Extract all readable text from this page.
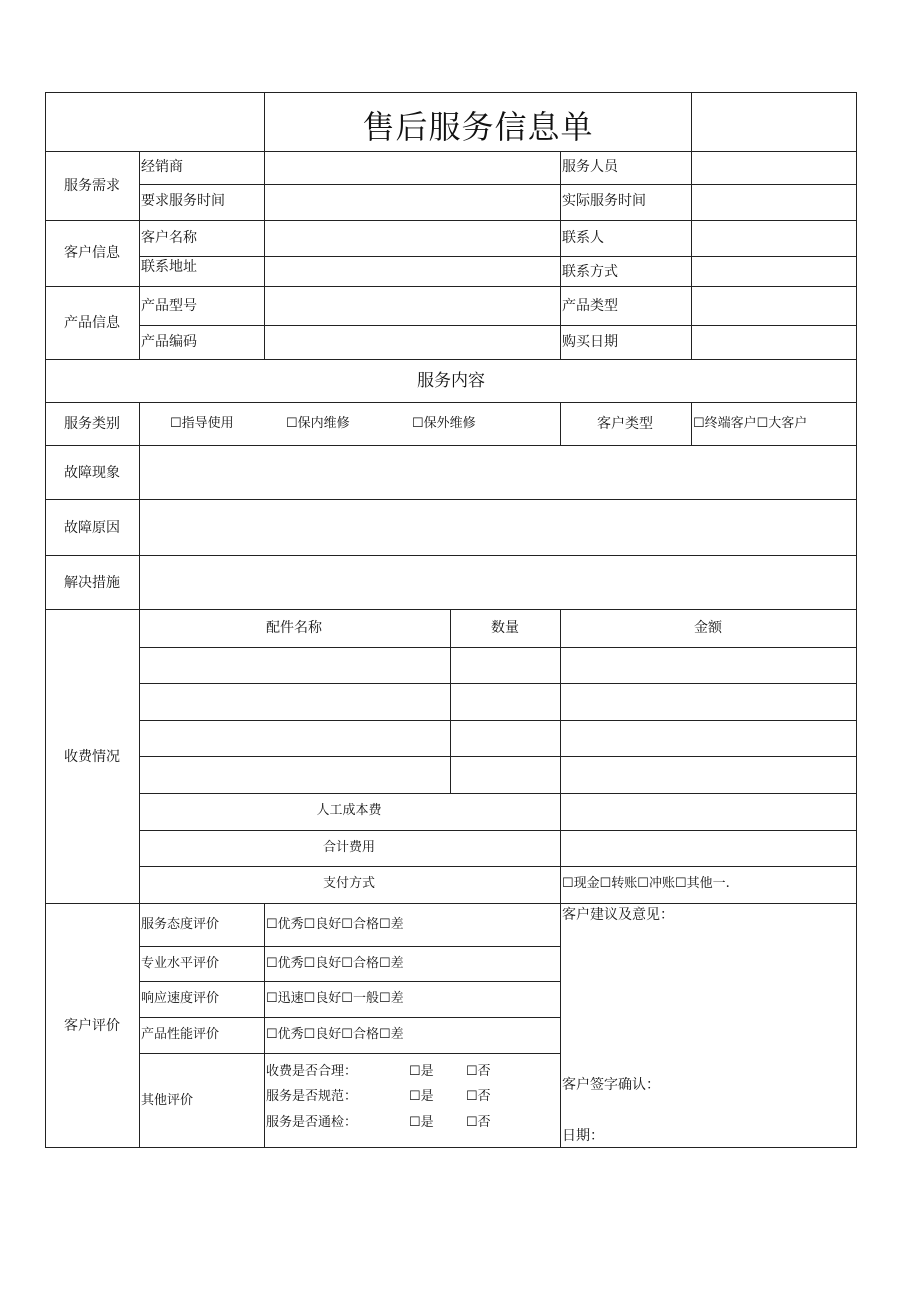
售后服务信息单
服务需求
经销商	服务人员
要求服务时间	实际服务时间
客户信息
客户名称	联系人
联系地址	联系方式
产品信息
产品型号	产品类型
产品编码	购买日期
服务内容
服务类别	☐指导使用	☐保内维修	☐保外维修	客户类型	☐终端客户☐大客户
故障现象
故障原因
解决措施
收费情况
配件名称	数量	金额
人工成本费
合计费用
支付方式	☐现金☐转账☐冲账☐其他一.
客户评价
服务态度评价	☐优秀☐良好☐合格☐差
专业水平评价	☐优秀☐良好☐合格☐差
响应速度评价	☐迅速☐良好☐一般☐差
产品性能评价	☐优秀☐良好☐合格☐差
其他评价
收费是否合理：	☐是 ☐否
服务是否规范：	☐是 ☐否
服务是否通检：	☐是 ☐否
客户建议及意见：
客户签字确认：
日期：
